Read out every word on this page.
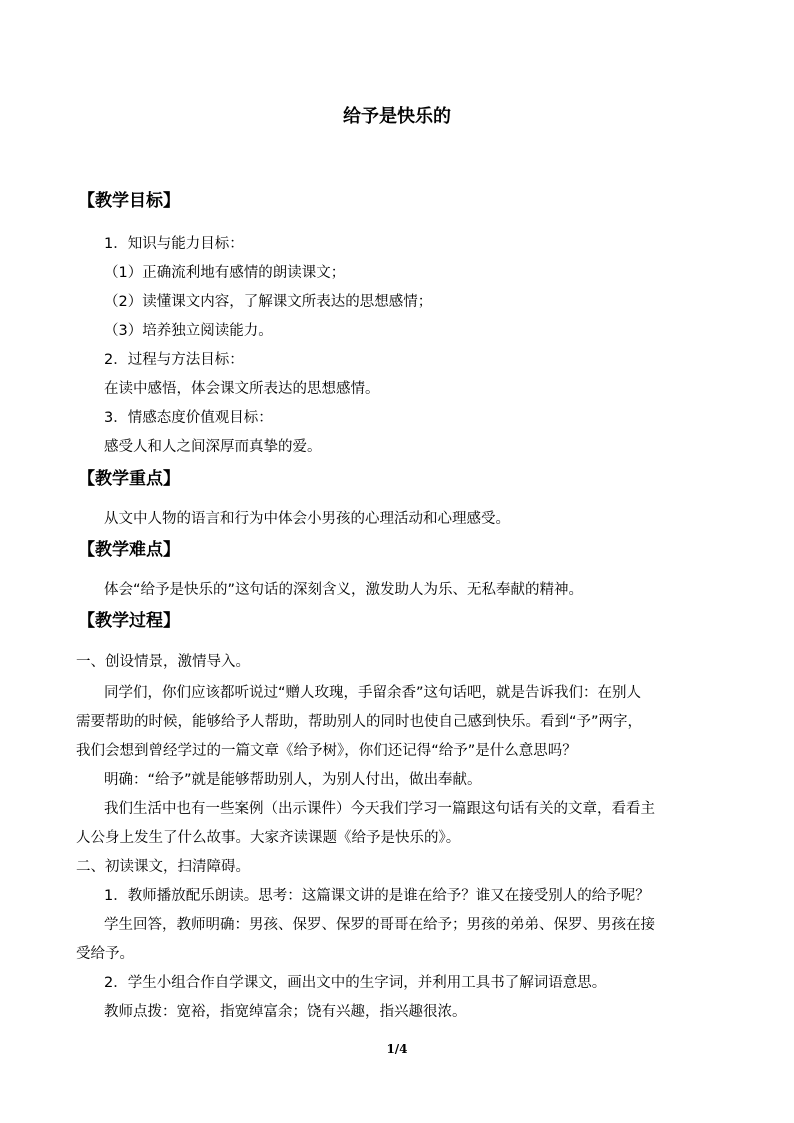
给予是快乐的
【教学目标】
1．知识与能力目标：
（1）正确流利地有感情的朗读课文；
（2）读懂课文内容，了解课文所表达的思想感情；
（3）培养独立阅读能力。
2．过程与方法目标：
在读中感悟，体会课文所表达的思想感情。
3．情感态度价值观目标：
感受人和人之间深厚而真挚的爱。
【教学重点】
从文中人物的语言和行为中体会小男孩的心理活动和心理感受。
【教学难点】
体会“给予是快乐的”这句话的深刻含义，激发助人为乐、无私奉献的精神。
【教学过程】
一、创设情景，激情导入。
同学们，你们应该都听说过“赠人玫瑰，手留余香”这句话吧，就是告诉我们：在别人
需要帮助的时候，能够给予人帮助，帮助别人的同时也使自己感到快乐。看到“予”两字，
我们会想到曾经学过的一篇文章《给予树》，你们还记得“给予”是什么意思吗？
明确：“给予”就是能够帮助别人，为别人付出，做出奉献。
我们生活中也有一些案例（出示课件）今天我们学习一篇跟这句话有关的文章，看看主
人公身上发生了什么故事。大家齐读课题《给予是快乐的》。
二、初读课文，扫清障碍。
1．教师播放配乐朗读。思考：这篇课文讲的是谁在给予？谁又在接受别人的给予呢？
学生回答，教师明确：男孩、保罗、保罗的哥哥在给予；男孩的弟弟、保罗、男孩在接
受给予。
2．学生小组合作自学课文，画出文中的生字词，并利用工具书了解词语意思。
教师点拨：宽裕，指宽绰富余；饶有兴趣，指兴趣很浓。
1/4
